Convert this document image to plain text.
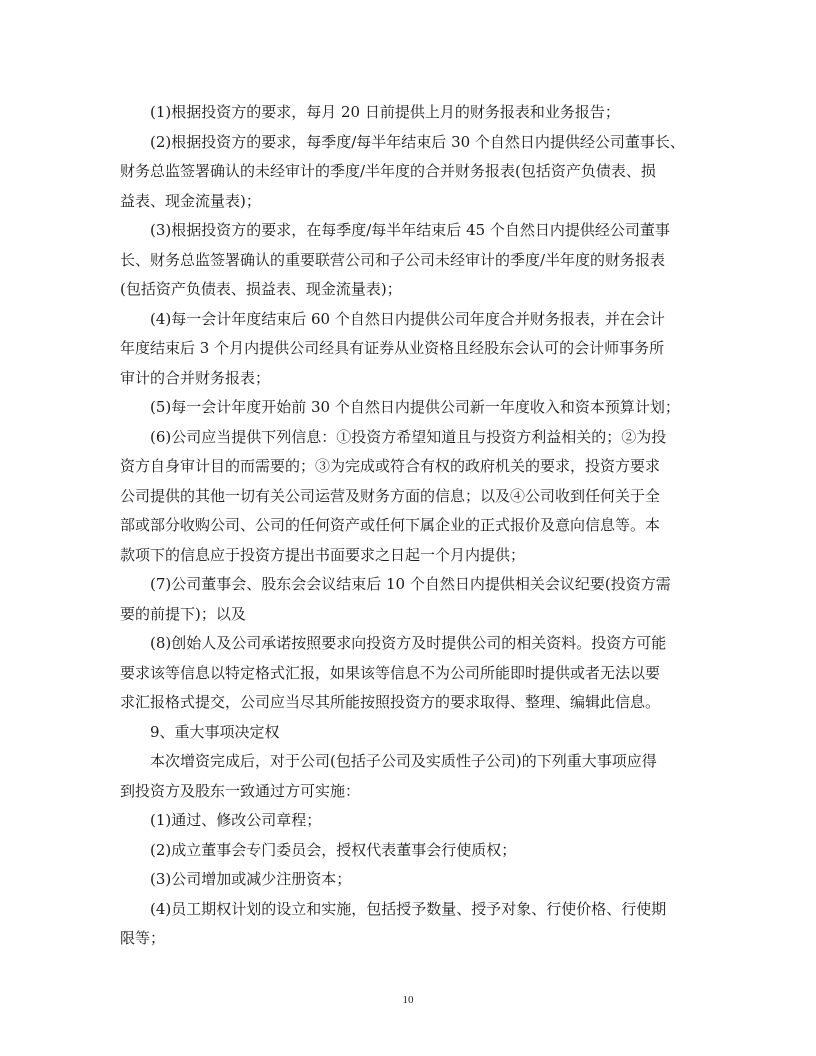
(1)根据投资方的要求，每月 20 日前提供上月的财务报表和业务报告；

(2)根据投资方的要求，每季度/每半年结束后 30 个自然日内提供经公司董事长、
财务总监签署确认的未经审计的季度/半年度的合并财务报表(包括资产负债表、损
益表、现金流量表)；

(3)根据投资方的要求，在每季度/每半年结束后 45 个自然日内提供经公司董事
长、财务总监签署确认的重要联营公司和子公司未经审计的季度/半年度的财务报表
(包括资产负债表、损益表、现金流量表)；

(4)每一会计年度结束后 60 个自然日内提供公司年度合并财务报表，并在会计
年度结束后 3 个月内提供公司经具有证券从业资格且经股东会认可的会计师事务所
审计的合并财务报表；

(5)每一会计年度开始前 30 个自然日内提供公司新一年度收入和资本预算计划；

(6)公司应当提供下列信息：①投资方希望知道且与投资方利益相关的；②为投
资方自身审计目的而需要的；③为完成或符合有权的政府机关的要求，投资方要求
公司提供的其他一切有关公司运营及财务方面的信息；以及④公司收到任何关于全
部或部分收购公司、公司的任何资产或任何下属企业的正式报价及意向信息等。本
款项下的信息应于投资方提出书面要求之日起一个月内提供；

(7)公司董事会、股东会会议结束后 10 个自然日内提供相关会议纪要(投资方需
要的前提下)；以及

(8)创始人及公司承诺按照要求向投资方及时提供公司的相关资料。投资方可能
要求该等信息以特定格式汇报，如果该等信息不为公司所能即时提供或者无法以要
求汇报格式提交，公司应当尽其所能按照投资方的要求取得、整理、编辑此信息。

9、重大事项决定权

本次增资完成后，对于公司(包括子公司及实质性子公司)的下列重大事项应得
到投资方及股东一致通过方可实施：

(1)通过、修改公司章程；

(2)成立董事会专门委员会，授权代表董事会行使质权；

(3)公司增加或减少注册资本；

(4)员工期权计划的设立和实施，包括授予数量、授予对象、行使价格、行使期
限等；

10
